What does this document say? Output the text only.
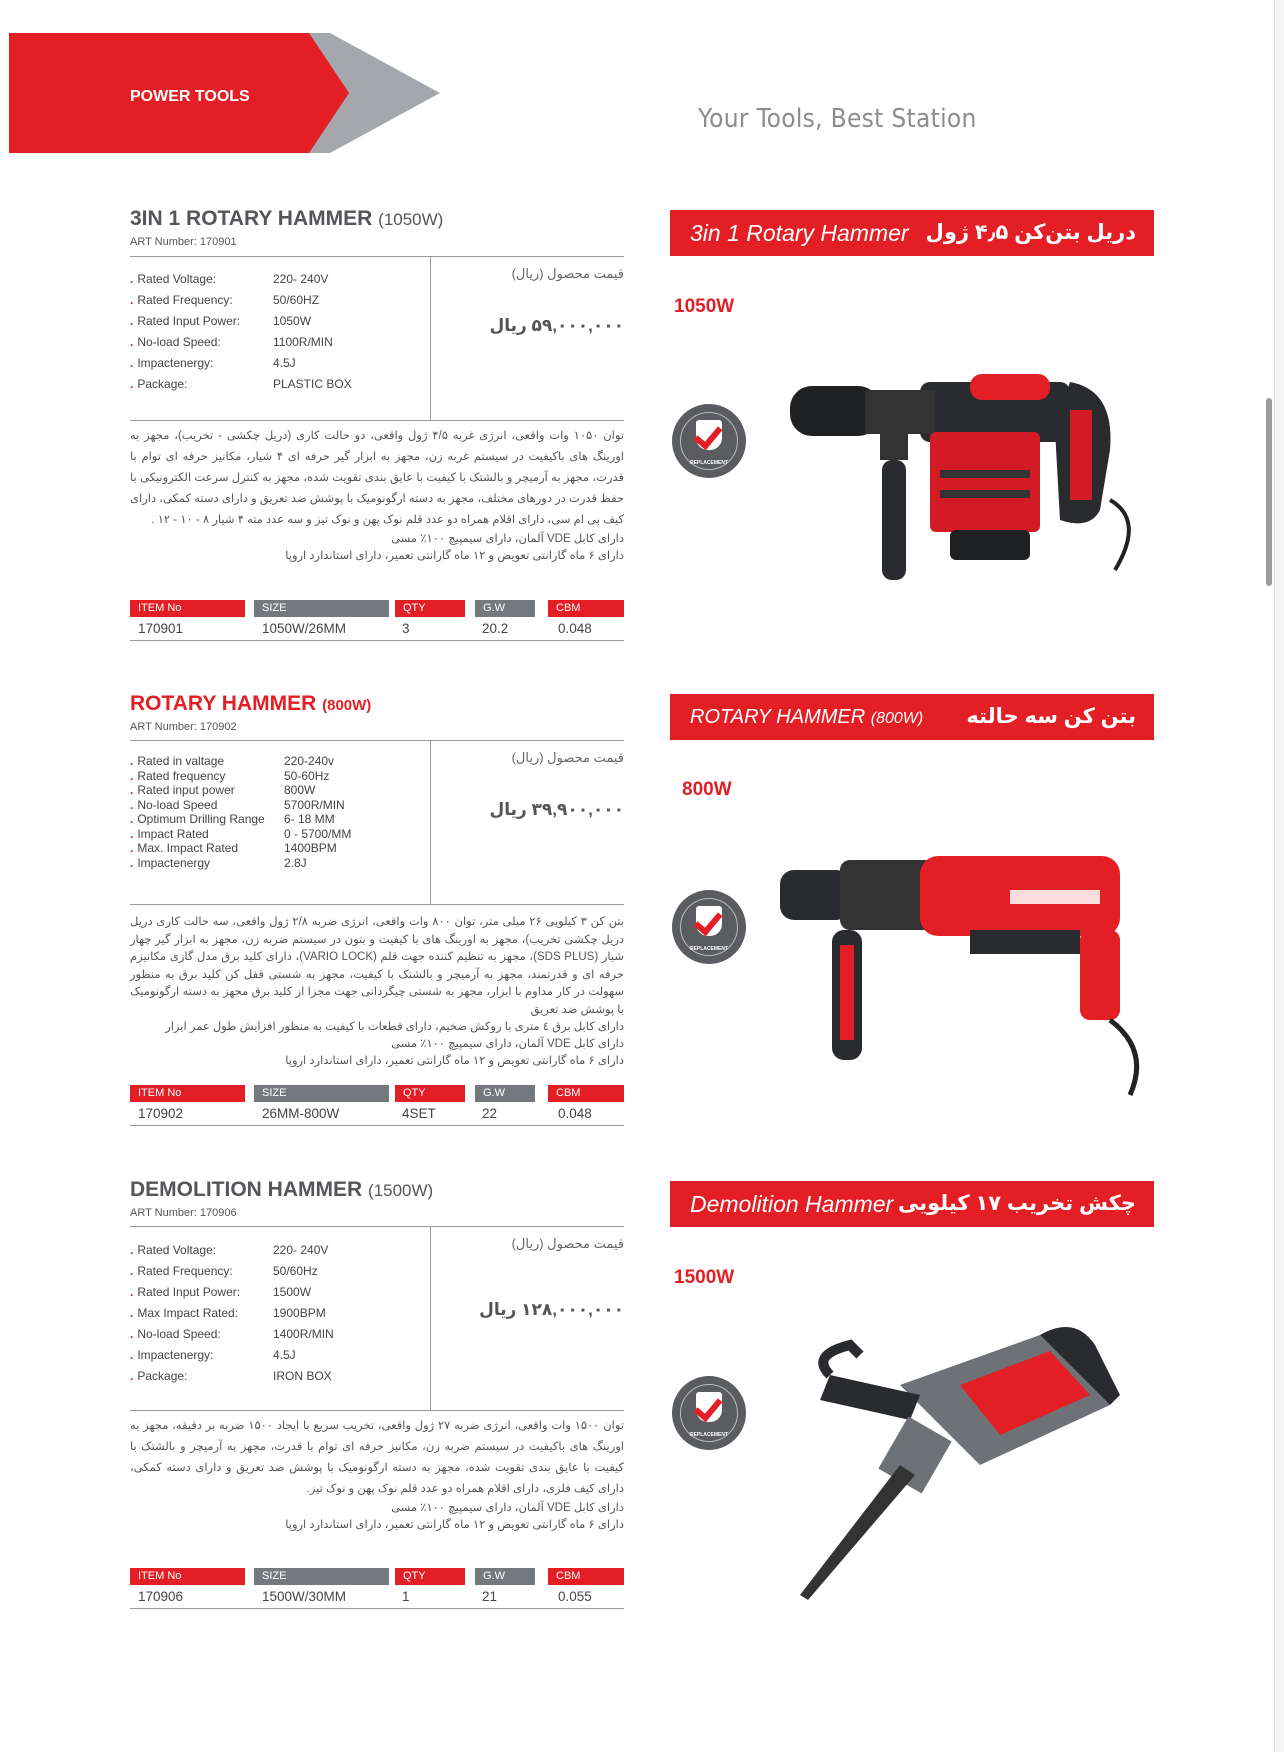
POWER TOOLS
Your Tools, Best Station
3IN 1 ROTARY HAMMER (1050W)
ART Number: 170901
. Rated Voltage:	220- 240V
. Rated Frequency:	50/60HZ
. Rated Input Power:	1050W
. No-load Speed:	1100R/MIN
. Impactenergy:	4.5J
. Package:	PLASTIC BOX
قیمت محصول (ریال)
۵۹,۰۰۰,۰۰۰ ریال
توان ۱۰۵۰ وات واقعی، انرژی غربه ۴/۵ ژول واقعی، دو حالت کاری (دریل چکشی - تخریب)، مجهز به اورینگ های باکیفیت در سیستم غربه زن، مجهز به ابزار گیر حرفه ای ۴ شیار، مکانیز حرفه ای توام با قدرت، مجهز به آرمیچر و بالشتک با کیفیت با عایق بندی تقویت شده، مجهز به کنترل سرعت الکترونیکی با حفظ قدرت در دورهای مختلف، مجهز به دسته ارگونومیک با پوشش ضد تعریق و دارای دسته کمکی، دارای کیف بی ام سی، دارای اقلام همراه دو عدد قلم نوک پهن و نوک تیز و سه عدد مته ۴ شیار ۸ - ۱۰ - ۱۲ .
دارای کابل VDE آلمان، دارای سیمپیچ ۱۰۰٪ مسی
دارای ۶ ماه گارانتی تعویض و ۱۲ ماه گارانتی تعمیر، دارای استاندارد اروپا
ITEM No	SIZE	QTY	G.W	CBM
170901	1050W/26MM	3	20.2	0.048
3in 1 Rotary Hammer دریل بتن‌کن ۴٫۵ ژول
1050W
REPLACEMENT
ROTARY HAMMER (800W)
ART Number: 170902
. Rated in valtage	220-240v
. Rated frequency	50-60Hz
. Rated input power	800W
. No-load Speed	5700R/MIN
. Optimum Drilling Range 6- 18 MM
. Impact Rated	0 - 5700/MM
. Max. Impact Rated	1400BPM
. Impactenergy	2.8J
قیمت محصول (ریال)
۳۹,۹۰۰,۰۰۰ ریال
بتن کن ۳ کیلویی ۲۶ میلی متر، توان ۸۰۰ وات واقعی، انرژی ضربه ۲/۸ ژول واقعی، سه حالت کاری دریل دریل چکشی تخریب)، مجهز به اورینگ های با کیفیت و بتون در سیستم ضربه زن، مجهز به ابزار گیر چهار شیار (SDS PLUS)، مجهز به تنظیم کننده جهت قلم (VARIO LOCK)، دارای کلید برق مدل گازی مکانیزم حرفه ای و قدرتمند، مجهز به آرمیچر و بالشتک با کیفیت، مجهز به شستی قفل کن کلید برق به منظور سهولت در کار مداوم با ابزار، مجهز به شستی چیگردانی جهت مجزا از کلید برق مجهز به دسته ارگونومیک با پوشش ضد تعریق
دارای کابل برق ٤ متری با روکش ضخیم، دارای قطعات با کیفیت به منظور افزایش طول عمر ابزار
دارای کابل VDE آلمان، دارای سیمپیچ ۱۰۰٪ مسی
دارای ۶ ماه گارانتی تعویض و ۱۲ ماه گارانتی تعمیر، دارای استاندارد اروپا
ITEM No	SIZE	QTY	G.W	CBM
170902	26MM-800W	4SET	22	0.048
ROTARY HAMMER (800W) بتن کن سه حالته
800W
REPLACEMENT
DEMOLITION HAMMER (1500W)
ART Number: 170906
. Rated Voltage:	220- 240V
. Rated Frequency:	50/60Hz
. Rated Input Power:	1500W
. Max Impact Rated:	1900BPM
. No-load Speed:	1400R/MIN
. Impactenergy:	4.5J
. Package:	IRON BOX
قیمت محصول (ریال)
۱۲۸,۰۰۰,۰۰۰ ریال
توان ۱۵۰۰ وات واقعی، انرژی ضربه ۲۷ ژول واقعی، تخریب سریع با ایجاد ۱۵۰۰ ضربه بر دقیقه، مجهز به اورینگ های باکیفیت در سیستم ضربه زن، مکانیز حرفه ای توام با قدرت، مجهز به آرمیچر و بالشتک با کیفیت با عایق بندی تقویت شده، مجهز به دسته ارگونومیک با پوشش ضد تعریق و دارای دسته کمکی، دارای کیف فلزی، دارای اقلام همراه دو عدد قلم نوک پهن و نوک تیز.
دارای کابل VDE آلمان، دارای سیمپیچ ۱۰۰٪ مسی
دارای ۶ ماه گارانتی تعویض و ۱۲ ماه گارانتی تعمیر، دارای استاندارد اروپا
ITEM No	SIZE	QTY	G.W	CBM
170906	1500W/30MM	1	21	0.055
Demolition Hammer چکش تخریب ۱۷ کیلویی
1500W
REPLACEMENT
